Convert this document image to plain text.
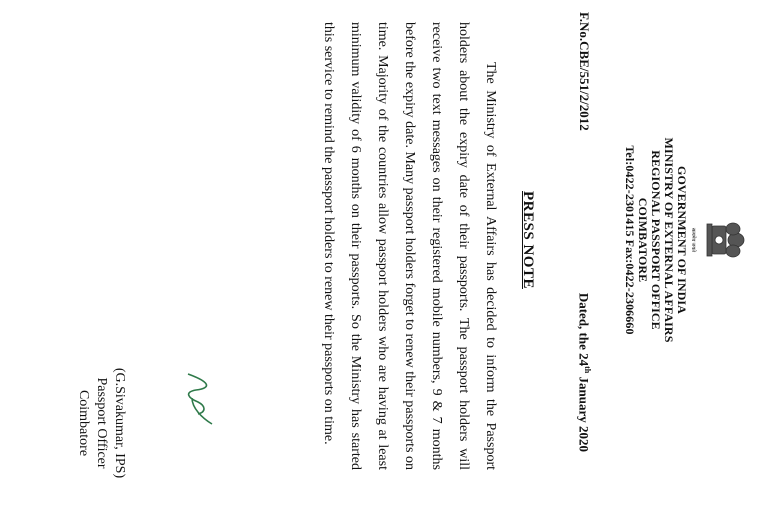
सत्यमेव जयते
GOVERNMENT OF INDIA
MINISTRY OF EXTERNAL AFFAIRS
REGIONAL PASSPORT OFFICE
COIMBATORE
Tel:0422-2301415 Fax:0422-2306660
F.No.CBE/551/2/2012
Dated, the 24th January 2020
PRESS NOTE
The Ministry of External Affairs has decided to inform the Passport holders about the expiry date of their passports. The passport holders will receive two text messages on their registered mobile numbers, 9 & 7 months before the expiry date. Many passport holders forget to renew their passports on time. Majority of the countries allow passport holders who are having at least minimum validity of 6 months on their passports. So the Ministry has started this service to remind the passport holders to renew their passports on time.
(G.Sivakumar, IPS)
Passport Officer
Coimbatore
